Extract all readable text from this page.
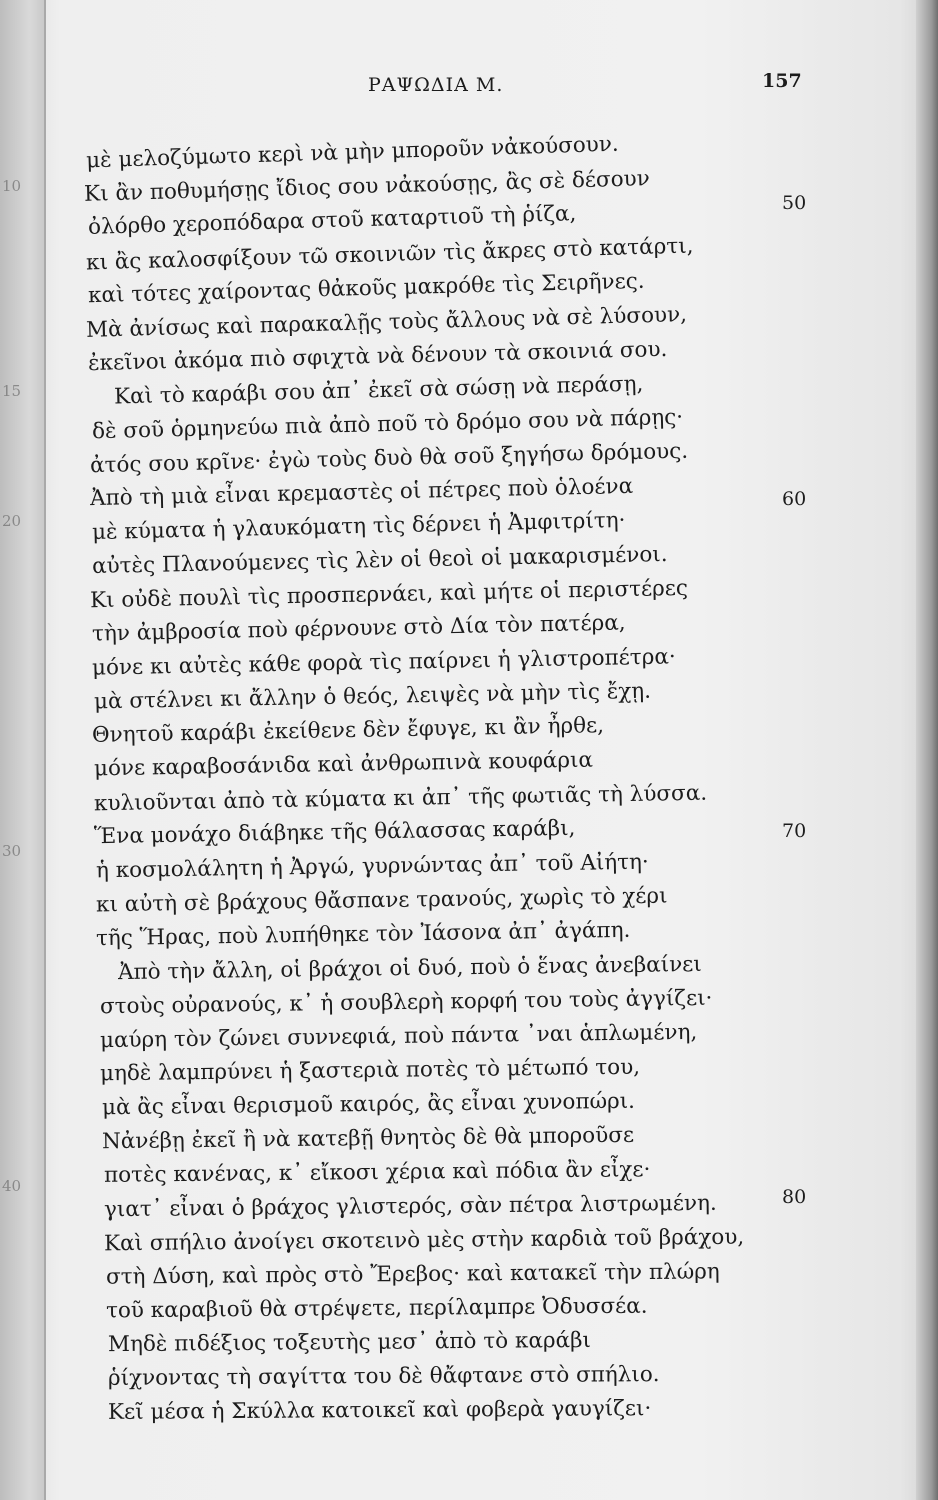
10
15
20
30
40
ΡΑΨΩΔΙΑ Μ.	157
μὲ μελοζύμωτο κερὶ νὰ μὴν μποροῦν νἀκούσουν.
Κι ἂν ποθυμήσῃς ἴδιος σου νἀκούσῃς, ἂς σὲ δέσουν
ὀλόρθο χεροπόδαρα στοῦ καταρτιοῦ τὴ ῥίζα,
κι ἂς καλοσφίξουν τῶ σκοινιῶν τὶς ἄκρες στὸ κατάρτι,
καὶ τότες χαίροντας θἀκοῦς μακρόθε τὶς Σειρῆνες.
Μὰ ἀνίσως καὶ παρακαλῇς τοὺς ἄλλους νὰ σὲ λύσουν,
ἐκεῖνοι ἀκόμα πιὸ σφιχτὰ νὰ δένουν τὰ σκοινιά σου.
Καὶ τὸ καράβι σου ἀπ᾽ ἐκεῖ σὰ σώσῃ νὰ περάσῃ,
δὲ σοῦ ὁρμηνεύω πιὰ ἀπὸ ποῦ τὸ δρόμο σου νὰ πάρῃς·
ἀτός σου κρῖνε· ἐγὼ τοὺς δυὸ θὰ σοῦ ξηγήσω δρόμους.
Ἀπὸ τὴ μιὰ εἶναι κρεμαστὲς οἱ πέτρες ποὺ ὁλοένα
μὲ κύματα ἡ γλαυκόματη τὶς δέρνει ἡ Ἀμφιτρίτη·
αὐτὲς Πλανούμενες τὶς λὲν οἱ θεοὶ οἱ μακαρισμένοι.
Κι οὐδὲ πουλὶ τὶς προσπερνάει, καὶ μήτε οἱ περιστέρες
τὴν ἀμβροσία ποὺ φέρνουνε στὸ Δία τὸν πατέρα,
μόνε κι αὐτὲς κάθε φορὰ τὶς παίρνει ἡ γλιστροπέτρα·
μὰ στέλνει κι ἄλλην ὁ θεός, λειψὲς νὰ μὴν τὶς ἔχῃ.
Θνητοῦ καράβι ἐκείθενε δὲν ἔφυγε, κι ἂν ἦρθε,
μόνε καραβοσάνιδα καὶ ἀνθρωπινὰ κουφάρια
κυλιοῦνται ἀπὸ τὰ κύματα κι ἀπ᾽ τῆς φωτιᾶς τὴ λύσσα.
Ἕνα μονάχο διάβηκε τῆς θάλασσας καράβι,
ἡ κοσμολάλητη ἡ Ἀργώ, γυρνώντας ἀπ᾽ τοῦ Αἰήτη·
κι αὐτὴ σὲ βράχους θἄσπανε τρανούς, χωρὶς τὸ χέρι
τῆς Ἥρας, ποὺ λυπήθηκε τὸν Ἰάσονα ἀπ᾽ ἀγάπη.
Ἀπὸ τὴν ἄλλη, οἱ βράχοι οἱ δυό, ποὺ ὁ ἕνας ἀνεβαίνει
στοὺς οὐρανούς, κ᾽ ἡ σουβλερὴ κορφή του τοὺς ἀγγίζει·
μαύρη τὸν ζώνει συννεφιά, ποὺ πάντα ᾽ναι ἁπλωμένη,
μηδὲ λαμπρύνει ἡ ξαστεριὰ ποτὲς τὸ μέτωπό του,
μὰ ἂς εἶναι θερισμοῦ καιρός, ἂς εἶναι χυνοπώρι.
Νἀνέβῃ ἐκεῖ ἢ νὰ κατεβῇ θνητὸς δὲ θὰ μποροῦσε
ποτὲς κανένας, κ᾽ εἴκοσι χέρια καὶ πόδια ἂν εἶχε·
γιατ᾽ εἶναι ὁ βράχος γλιστερός, σὰν πέτρα λιστρωμένη.
Καὶ σπήλιο ἀνοίγει σκοτεινὸ μὲς στὴν καρδιὰ τοῦ βράχου,
στὴ Δύση, καὶ πρὸς στὸ Ἔρεβος· καὶ κατακεῖ τὴν πλώρη
τοῦ καραβιοῦ θὰ στρέψετε, περίλαμπρε Ὀδυσσέα.
Μηδὲ πιδέξιος τοξευτὴς μεσ᾽ ἀπὸ τὸ καράβι
ῥίχνοντας τὴ σαγίττα του δὲ θἄφτανε στὸ σπήλιο.
Κεῖ μέσα ἡ Σκύλλα κατοικεῖ καὶ φοβερὰ γαυγίζει·
50
60
70
80
